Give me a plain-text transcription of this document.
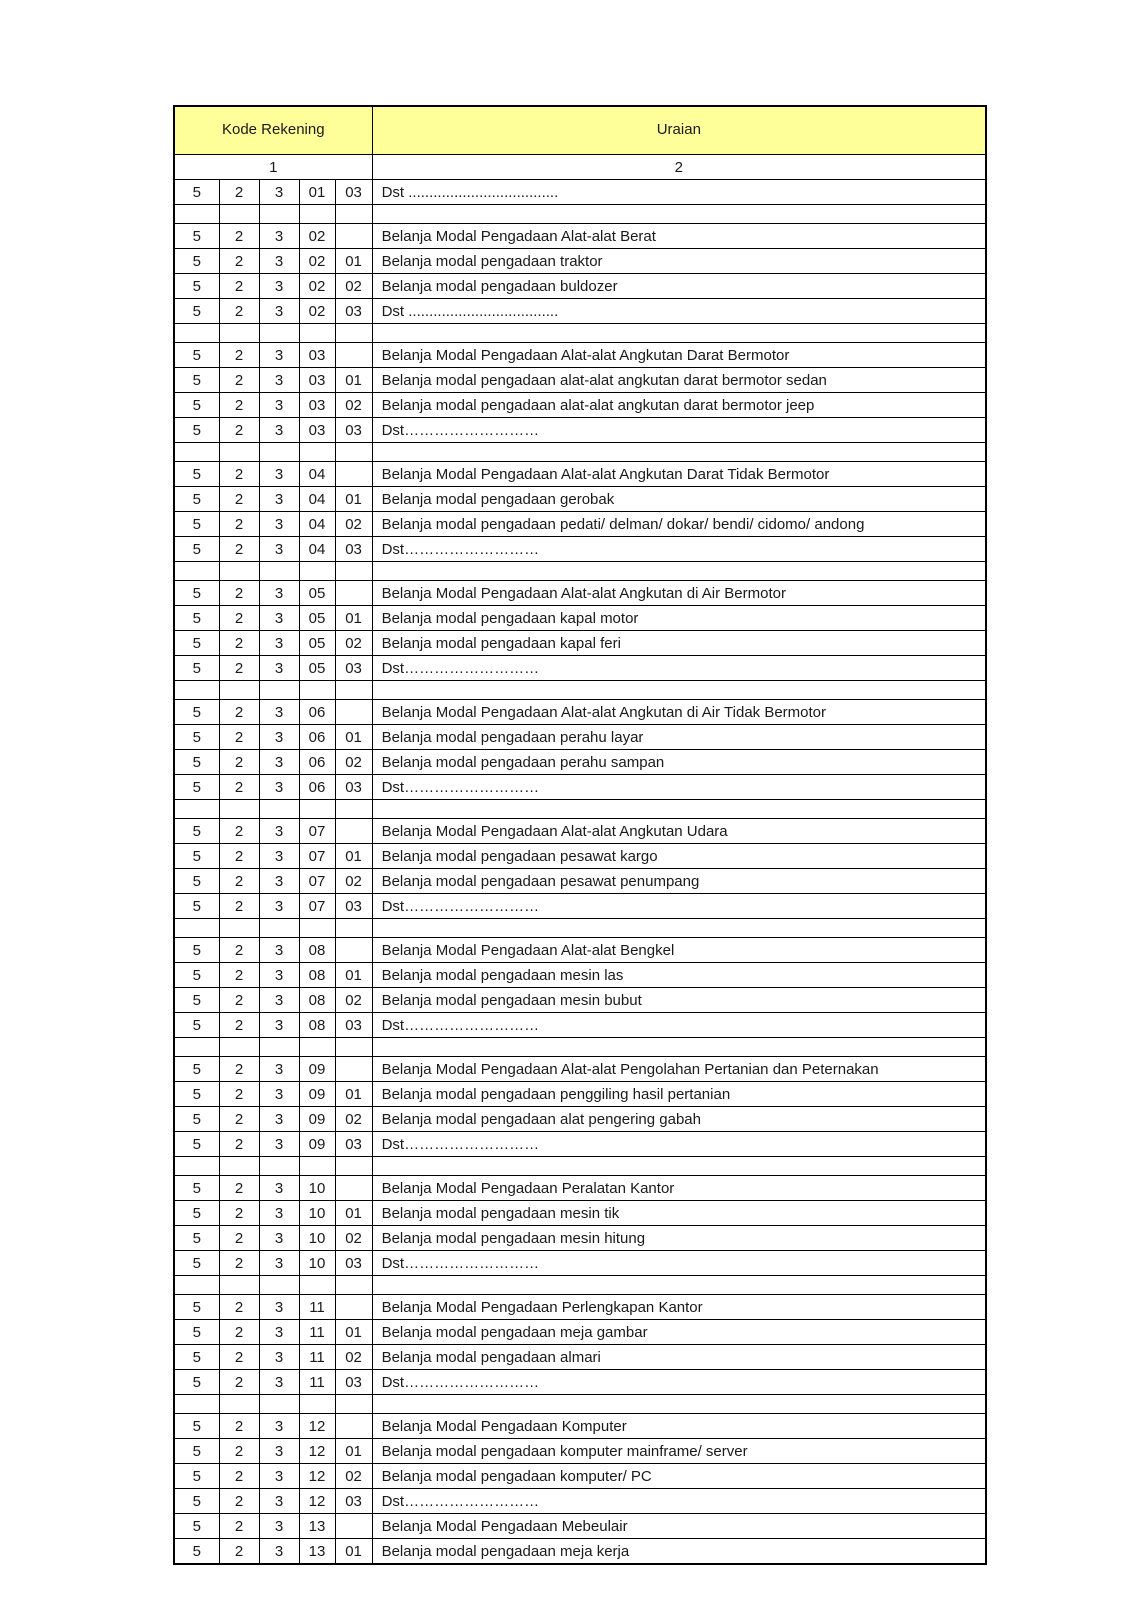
Kode Rekening					Uraian
1					2
5	2	3	01	03	Dst ....................................

5	2	3	02		Belanja Modal Pengadaan Alat-alat Berat
5	2	3	02	01	Belanja modal pengadaan traktor
5	2	3	02	02	Belanja modal pengadaan buldozer
5	2	3	02	03	Dst ....................................

5	2	3	03		Belanja Modal Pengadaan Alat-alat Angkutan Darat Bermotor
5	2	3	03	01	Belanja modal pengadaan alat-alat angkutan darat bermotor sedan
5	2	3	03	02	Belanja modal pengadaan alat-alat angkutan darat bermotor jeep
5	2	3	03	03	Dst………………………

5	2	3	04		Belanja Modal Pengadaan Alat-alat Angkutan Darat Tidak Bermotor
5	2	3	04	01	Belanja modal pengadaan gerobak
5	2	3	04	02	Belanja modal pengadaan pedati/ delman/ dokar/ bendi/ cidomo/ andong
5	2	3	04	03	Dst………………………

5	2	3	05		Belanja Modal Pengadaan Alat-alat Angkutan di Air Bermotor
5	2	3	05	01	Belanja modal pengadaan kapal motor
5	2	3	05	02	Belanja modal pengadaan kapal feri
5	2	3	05	03	Dst………………………

5	2	3	06		Belanja Modal Pengadaan Alat-alat Angkutan di Air Tidak Bermotor
5	2	3	06	01	Belanja modal pengadaan perahu layar
5	2	3	06	02	Belanja modal pengadaan perahu sampan
5	2	3	06	03	Dst………………………

5	2	3	07		Belanja Modal Pengadaan Alat-alat Angkutan Udara
5	2	3	07	01	Belanja modal pengadaan pesawat kargo
5	2	3	07	02	Belanja modal pengadaan pesawat penumpang
5	2	3	07	03	Dst………………………

5	2	3	08		Belanja Modal Pengadaan Alat-alat Bengkel
5	2	3	08	01	Belanja modal pengadaan mesin las
5	2	3	08	02	Belanja modal pengadaan mesin bubut
5	2	3	08	03	Dst………………………

5	2	3	09		Belanja Modal Pengadaan Alat-alat Pengolahan Pertanian dan Peternakan
5	2	3	09	01	Belanja modal pengadaan penggiling hasil pertanian
5	2	3	09	02	Belanja modal pengadaan alat pengering gabah
5	2	3	09	03	Dst………………………

5	2	3	10		Belanja Modal Pengadaan Peralatan Kantor
5	2	3	10	01	Belanja modal pengadaan mesin tik
5	2	3	10	02	Belanja modal pengadaan mesin hitung
5	2	3	10	03	Dst………………………

5	2	3	11		Belanja Modal Pengadaan Perlengkapan Kantor
5	2	3	11	01	Belanja modal pengadaan meja gambar
5	2	3	11	02	Belanja modal pengadaan almari
5	2	3	11	03	Dst………………………

5	2	3	12		Belanja Modal Pengadaan Komputer
5	2	3	12	01	Belanja modal pengadaan komputer mainframe/ server
5	2	3	12	02	Belanja modal pengadaan komputer/ PC
5	2	3	12	03	Dst………………………
5	2	3	13		Belanja Modal Pengadaan Mebeulair
5	2	3	13	01	Belanja modal pengadaan meja kerja
